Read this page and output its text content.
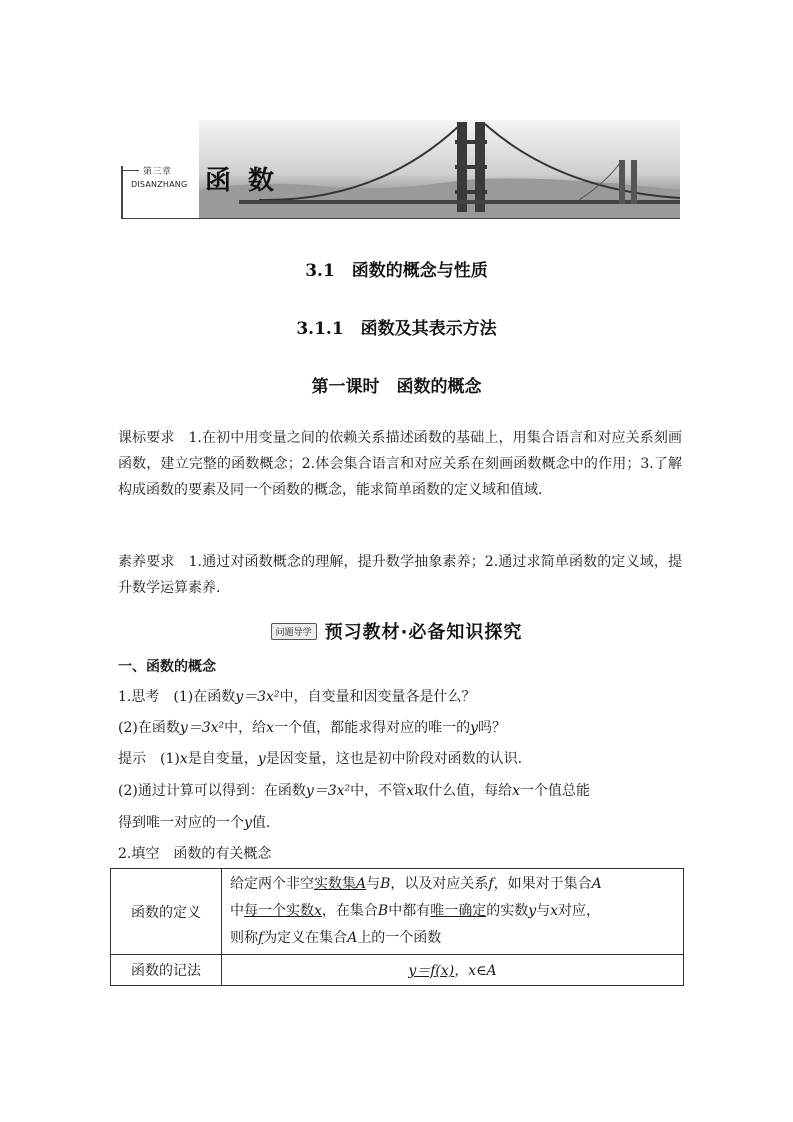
第三章
DISANZHANG 函 数
3.1　函数的概念与性质
3.1.1　函数及其表示方法
第一课时　函数的概念
课标要求 1.在初中用变量之间的依赖关系描述函数的基础上，用集合语言和对应关系刻画函数，建立完整的函数概念；2.体会集合语言和对应关系在刻画函数概念中的作用；3.了解构成函数的要素及同一个函数的概念，能求简单函数的定义域和值域.
素养要求 1.通过对函数概念的理解，提升数学抽象素养；2.通过求简单函数的定义域，提升数学运算素养.
问题导学 预习教材·必备知识探究
一、函数的概念
1.思考　(1)在函数y＝3x²中，自变量和因变量各是什么？
(2)在函数y＝3x²中，给x一个值，都能求得对应的唯一的y吗？
提示　(1)x是自变量，y是因变量，这也是初中阶段对函数的认识.
(2)通过计算可以得到：在函数y＝3x²中，不管x取什么值，每给x一个值总能
得到唯一对应的一个y值.
2.填空　函数的有关概念
函数的定义	给定两个非空实数集A与B，以及对应关系f，如果对于集合A
中每一个实数x，在集合B中都有唯一确定的实数y与x对应，
则称f为定义在集合A上的一个函数
函数的记法	y＝f(x)，x∈A
